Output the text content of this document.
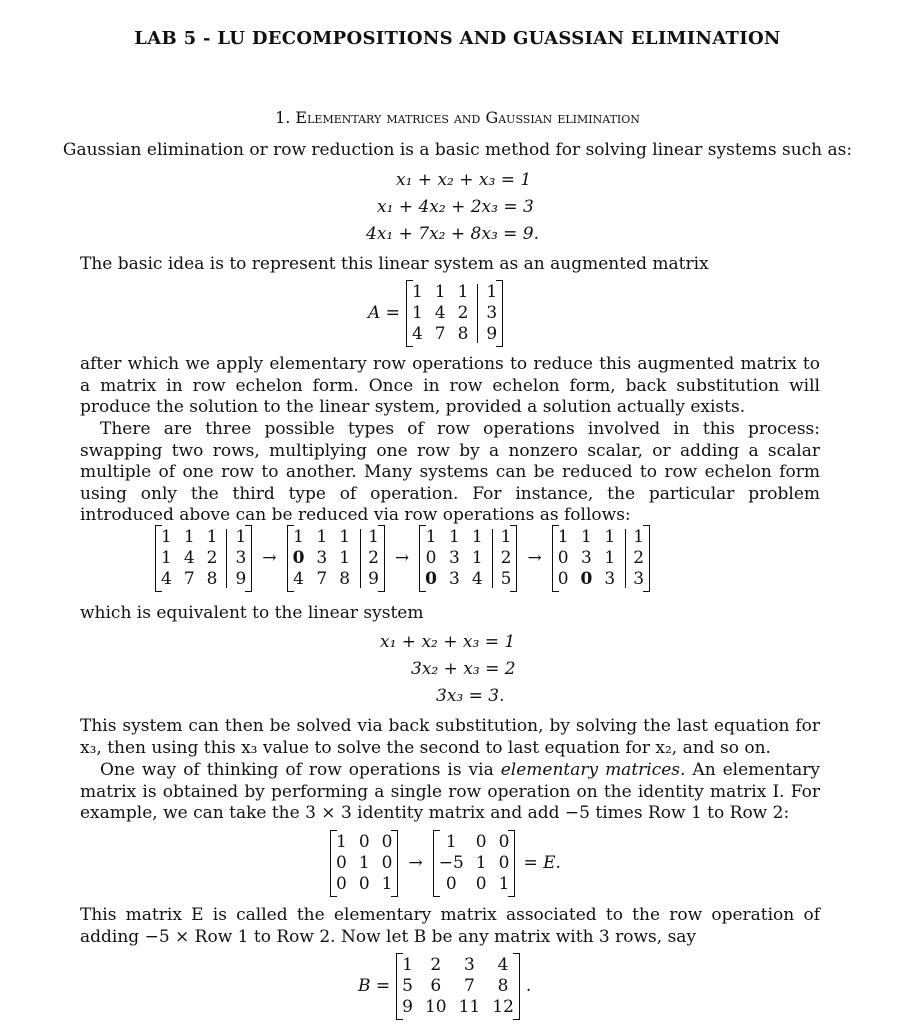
LAB 5 - LU DECOMPOSITIONS AND GUASSIAN ELIMINATION
1. Elementary matrices and Gaussian elimination
Gaussian elimination or row reduction is a basic method for solving linear systems such as:
x₁ + x₂ + x₃ = 1
x₁ + 4x₂ + 2x₃ = 3
4x₁ + 7x₂ + 8x₃ = 9.
The basic idea is to represent this linear system as an augmented matrix
A =
1 1 1	1
1 4 2	3
4 7 8	9
after which we apply elementary row operations to reduce this augmented matrix to a matrix in row echelon form. Once in row echelon form, back substitution will produce the solution to the linear system, provided a solution actually exists.
There are three possible types of row operations involved in this process: swapping two rows, multiplying one row by a nonzero scalar, or adding a scalar multiple of one row to another. Many systems can be reduced to row echelon form using only the third type of operation. For instance, the particular problem introduced above can be reduced via row operations as follows:
1 1 1	1
1 4 2	3
4 7 8	9
→
1 1 1	1
0 3 1	2
4 7 8	9
→
1 1 1	1
0 3 1	2
0 3 4	5
→
1 1 1	1
0 3 1	2
0 0 3	3
which is equivalent to the linear system
x₁ + x₂ + x₃ = 1
3x₂ + x₃ = 2
3x₃ = 3.
This system can then be solved via back substitution, by solving the last equation for x₃, then using this x₃ value to solve the second to last equation for x₂, and so on.
One way of thinking of row operations is via elementary matrices. An elementary matrix is obtained by performing a single row operation on the identity matrix I. For example, we can take the 3 × 3 identity matrix and add −5 times Row 1 to Row 2:
1 0 0
0 1 0
0 0 1
→
1	0 0
−5 1 0
0	0 1
= E.
This matrix E is called the elementary matrix associated to the row operation of adding −5 × Row 1 to Row 2. Now let B be any matrix with 3 rows, say
B =
1	2	3	4
5	6	7	8
9 10 11 12
.
